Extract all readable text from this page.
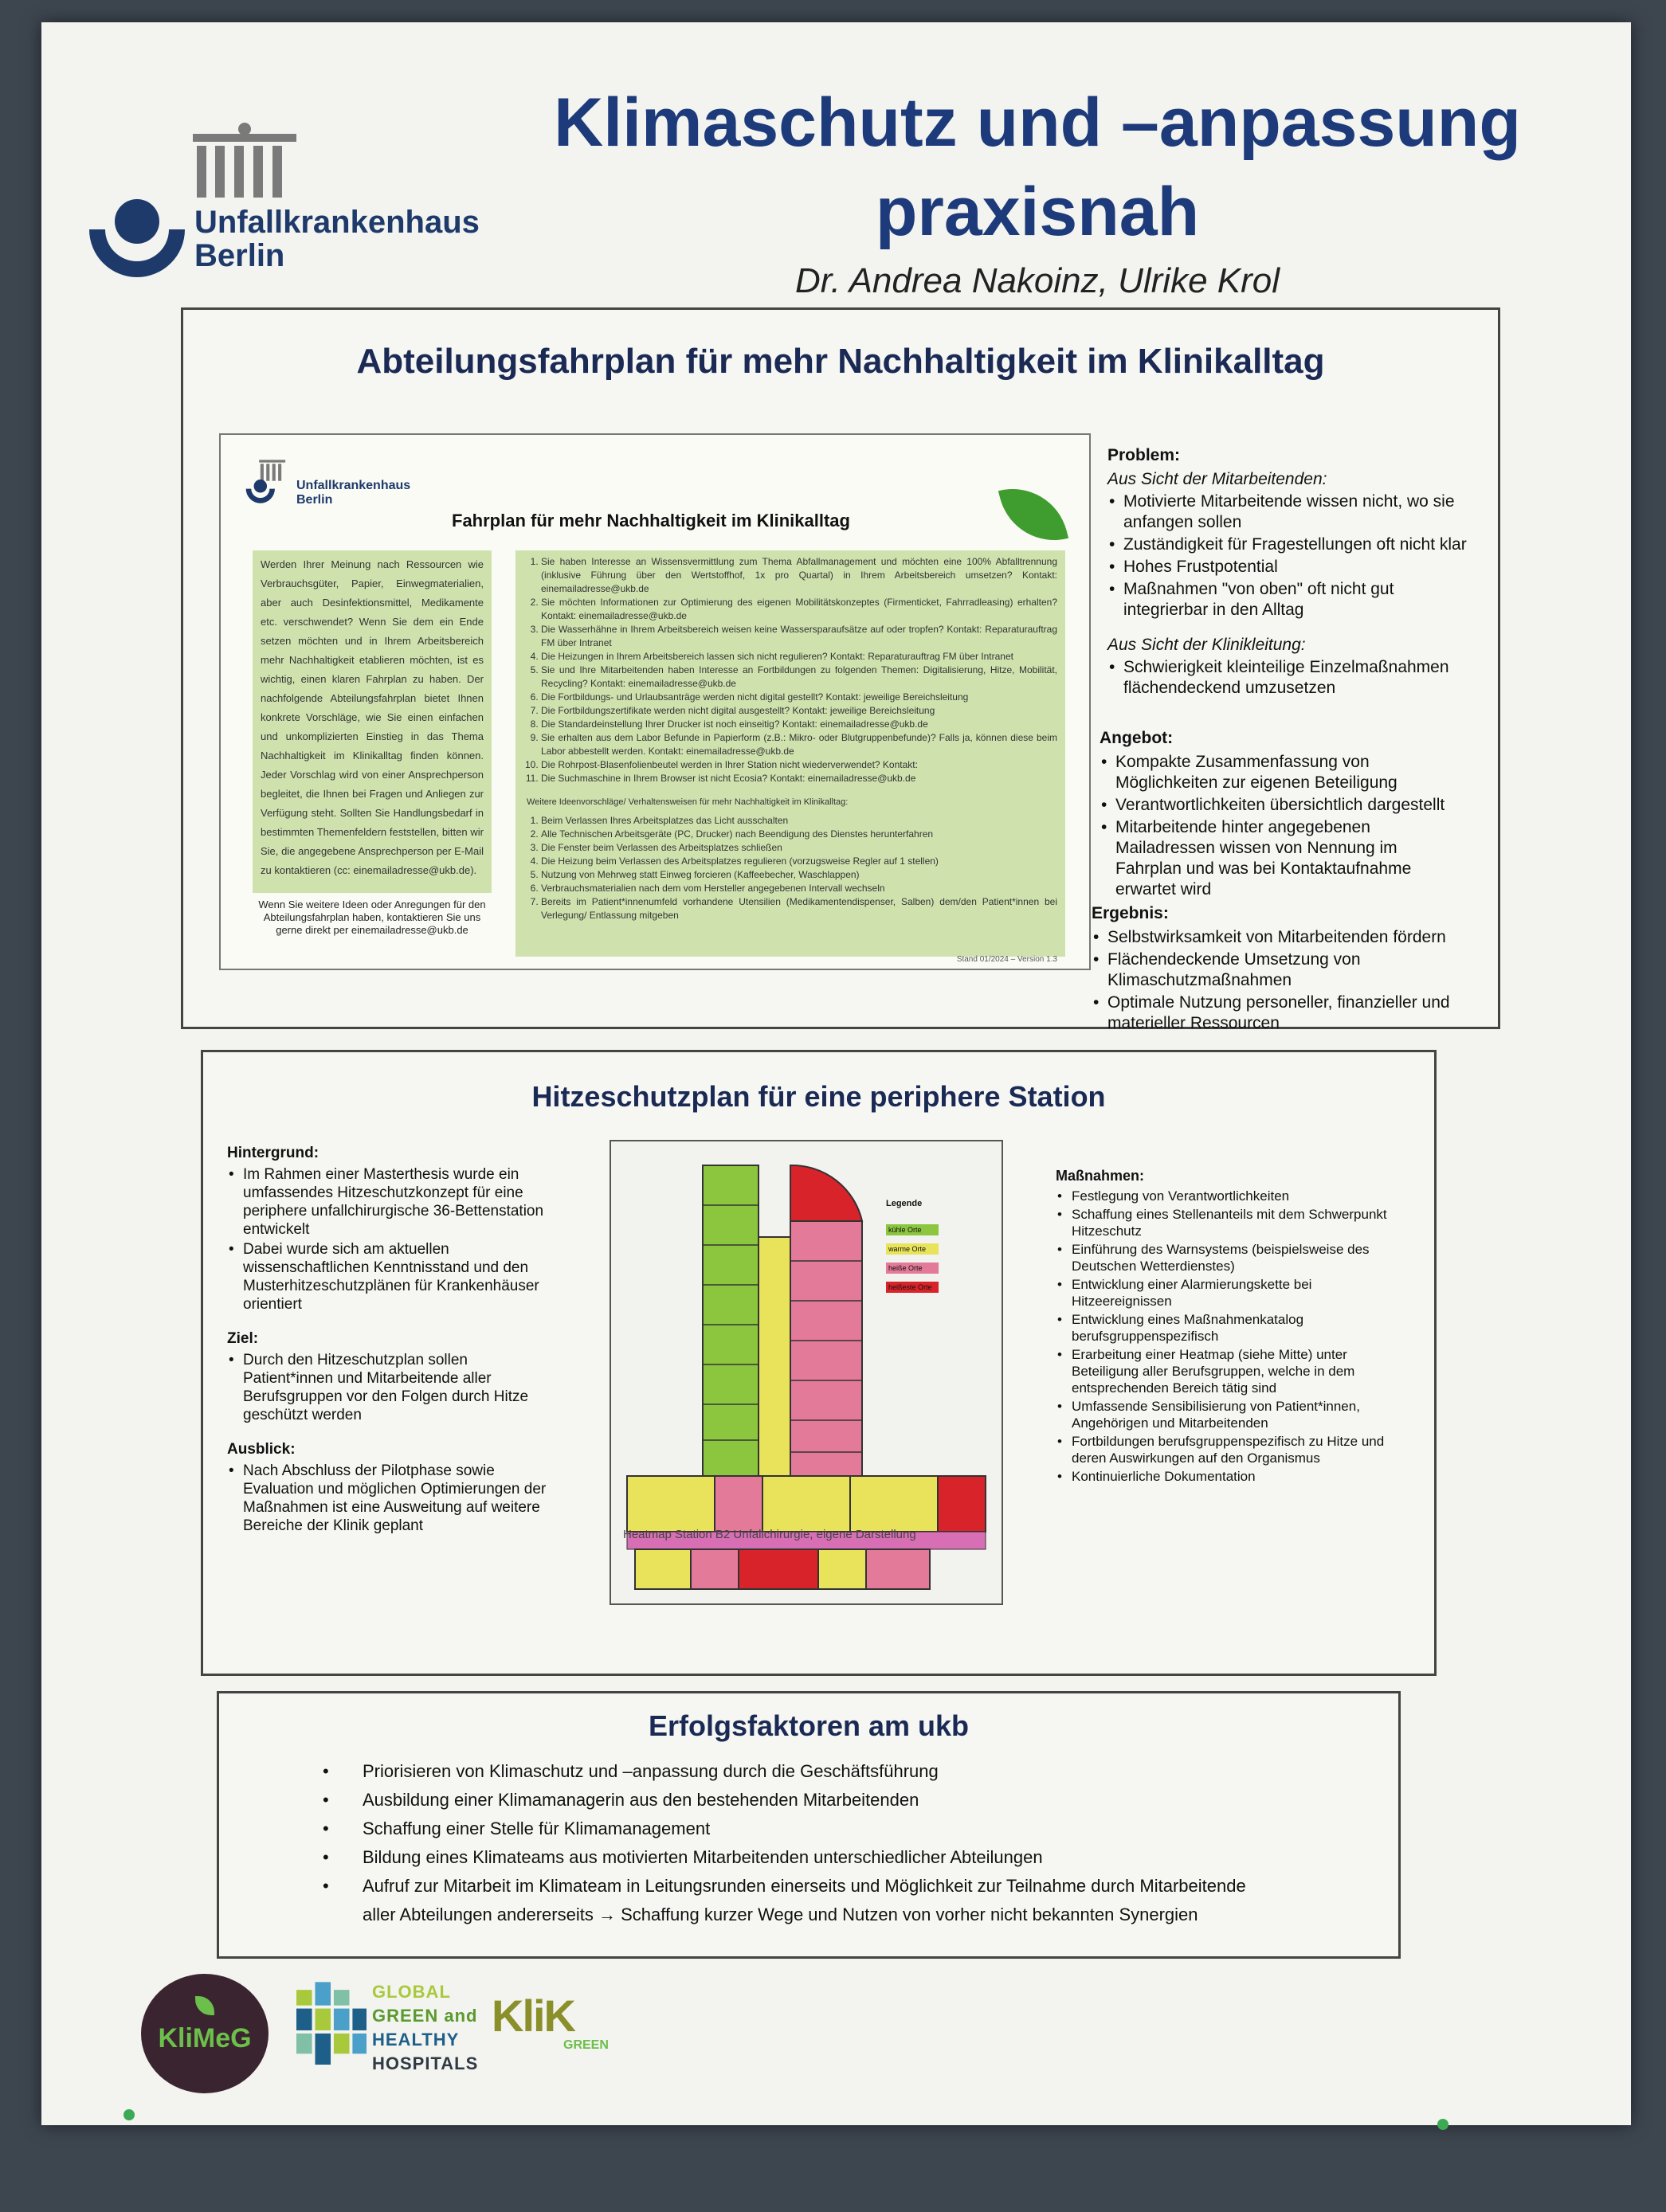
Unfallkrankenhaus
Berlin
Klimaschutz und –anpassung
praxisnah
Dr. Andrea Nakoinz, Ulrike Krol
Abteilungsfahrplan für mehr Nachhaltigkeit im Klinikalltag
Unfallkrankenhaus
Berlin
Fahrplan für mehr Nachhaltigkeit im Klinikalltag
Werden Ihrer Meinung nach Ressourcen wie Verbrauchsgüter, Papier, Einwegmaterialien, aber auch Desinfektionsmittel, Medikamente etc. verschwendet? Wenn Sie dem ein Ende setzen möchten und in Ihrem Arbeitsbereich mehr Nachhaltigkeit etablieren möchten, ist es wichtig, einen klaren Fahrplan zu haben. Der nachfolgende Abteilungsfahrplan bietet Ihnen konkrete Vorschläge, wie Sie einen einfachen und unkomplizierten Einstieg in das Thema Nachhaltigkeit im Klinikalltag finden können. Jeder Vorschlag wird von einer Ansprechperson begleitet, die Ihnen bei Fragen und Anliegen zur Verfügung steht. Sollten Sie Handlungsbedarf in bestimmten Themenfeldern feststellen, bitten wir Sie, die angegebene Ansprechperson per E-Mail zu kontaktieren (cc: einemailadresse@ukb.de).
Wenn Sie weitere Ideen oder Anregungen für den Abteilungsfahrplan haben, kontaktieren Sie uns gerne direkt per einemailadresse@ukb.de
1. Sie haben Interesse an Wissensvermittlung zum Thema Abfallmanagement und möchten eine 100% Abfalltrennung (inklusive Führung über den Wertstoffhof, 1x pro Quartal) in Ihrem Arbeitsbereich umsetzen? Kontakt: einemailadresse@ukb.de
2. Sie möchten Informationen zur Optimierung des eigenen Mobilitätskonzeptes (Firmenticket, Fahrradleasing) erhalten? Kontakt: einemailadresse@ukb.de
3. Die Wasserhähne in Ihrem Arbeitsbereich weisen keine Wassersparaufsätze auf oder tropfen? Kontakt: Reparaturauftrag FM über Intranet
4. Die Heizungen in Ihrem Arbeitsbereich lassen sich nicht regulieren? Kontakt: Reparaturauftrag FM über Intranet
5. Sie und Ihre Mitarbeitenden haben Interesse an Fortbildungen zu folgenden Themen: Digitalisierung, Hitze, Mobilität, Recycling? Kontakt: einemailadresse@ukb.de
6. Die Fortbildungs- und Urlaubsanträge werden nicht digital gestellt? Kontakt: jeweilige Bereichsleitung
7. Die Fortbildungszertifikate werden nicht digital ausgestellt? Kontakt: jeweilige Bereichsleitung
8. Die Standardeinstellung Ihrer Drucker ist noch einseitig? Kontakt: einemailadresse@ukb.de
9. Sie erhalten aus dem Labor Befunde in Papierform (z.B.: Mikro- oder Blutgruppenbefunde)? Falls ja, können diese beim Labor abbestellt werden. Kontakt: einemailadresse@ukb.de
10. Die Rohrpost-Blasenfolienbeutel werden in Ihrer Station nicht wiederverwendet? Kontakt:
11. Die Suchmaschine in Ihrem Browser ist nicht Ecosia? Kontakt: einemailadresse@ukb.de
Weitere Ideenvorschläge/ Verhaltensweisen für mehr Nachhaltigkeit im Klinikalltag:
1. Beim Verlassen Ihres Arbeitsplatzes das Licht ausschalten
2. Alle Technischen Arbeitsgeräte (PC, Drucker) nach Beendigung des Dienstes herunterfahren
3. Die Fenster beim Verlassen des Arbeitsplatzes schließen
4. Die Heizung beim Verlassen des Arbeitsplatzes regulieren (vorzugsweise Regler auf 1 stellen)
5. Nutzung von Mehrweg statt Einweg forcieren (Kaffeebecher, Waschlappen)
6. Verbrauchsmaterialien nach dem vom Hersteller angegebenen Intervall wechseln
7. Bereits im Patient*innenumfeld vorhandene Utensilien (Medikamentendispenser, Salben) dem/den Patient*innen bei Verlegung/ Entlassung mitgeben
Stand 01/2024 – Version 1.3
Problem:
Aus Sicht der Mitarbeitenden:
• Motivierte Mitarbeitende wissen nicht, wo sie anfangen sollen
• Zuständigkeit für Fragestellungen oft nicht klar
• Hohes Frustpotential
• Maßnahmen "von oben" oft nicht gut integrierbar in den Alltag
Aus Sicht der Klinikleitung:
• Schwierigkeit kleinteilige Einzelmaßnahmen flächendeckend umzusetzen
Angebot:
• Kompakte Zusammenfassung von Möglichkeiten zur eigenen Beteiligung
• Verantwortlichkeiten übersichtlich dargestellt
• Mitarbeitende hinter angegebenen Mailadressen wissen von Nennung im Fahrplan und was bei Kontaktaufnahme erwartet wird
Ergebnis:
• Selbstwirksamkeit von Mitarbeitenden fördern
• Flächendeckende Umsetzung von Klimaschutzmaßnahmen
• Optimale Nutzung personeller, finanzieller und materieller Ressourcen
Hitzeschutzplan für eine periphere Station
Hintergrund:
• Im Rahmen einer Masterthesis wurde ein umfassendes Hitzeschutzkonzept für eine periphere unfallchirurgische 36-Bettenstation entwickelt
• Dabei wurde sich am aktuellen wissenschaftlichen Kenntnisstand und den Musterhitzeschutzplänen für Krankenhäuser orientiert
Ziel:
• Durch den Hitzeschutzplan sollen Patient*innen und Mitarbeitende aller Berufsgruppen vor den Folgen durch Hitze geschützt werden
Ausblick:
• Nach Abschluss der Pilotphase sowie Evaluation und möglichen Optimierungen der Maßnahmen ist eine Ausweitung auf weitere Bereiche der Klinik geplant
Legende
kühle Orte
warme Orte
heiße Orte
heißeste Orte
Heatmap Station B2 Unfallchirurgie, eigene Darstellung
Maßnahmen:
• Festlegung von Verantwortlichkeiten
• Schaffung eines Stellenanteils mit dem Schwerpunkt Hitzeschutz
• Einführung des Warnsystems (beispielsweise des Deutschen Wetterdienstes)
• Entwicklung einer Alarmierungskette bei Hitzeereignissen
• Entwicklung eines Maßnahmenkatalog berufsgruppenspezifisch
• Erarbeitung einer Heatmap (siehe Mitte) unter Beteiligung aller Berufsgruppen, welche in dem entsprechenden Bereich tätig sind
• Umfassende Sensibilisierung von Patient*innen, Angehörigen und Mitarbeitenden
• Fortbildungen berufsgruppenspezifisch zu Hitze und deren Auswirkungen auf den Organismus
• Kontinuierliche Dokumentation
Erfolgsfaktoren am ukb
• Priorisieren von Klimaschutz und –anpassung durch die Geschäftsführung
• Ausbildung einer Klimamanagerin aus den bestehenden Mitarbeitenden
• Schaffung einer Stelle für Klimamanagement
• Bildung eines Klimateams aus motivierten Mitarbeitenden unterschiedlicher Abteilungen
• Aufruf zur Mitarbeit im Klimateam in Leitungsrunden einerseits und Möglichkeit zur Teilnahme durch Mitarbeitende aller Abteilungen andererseits → Schaffung kurzer Wege und Nutzen von vorher nicht bekannten Synergien
KliMeG
GLOBAL
GREEN and
HEALTHY
HOSPITALS
KliK
GREEN
